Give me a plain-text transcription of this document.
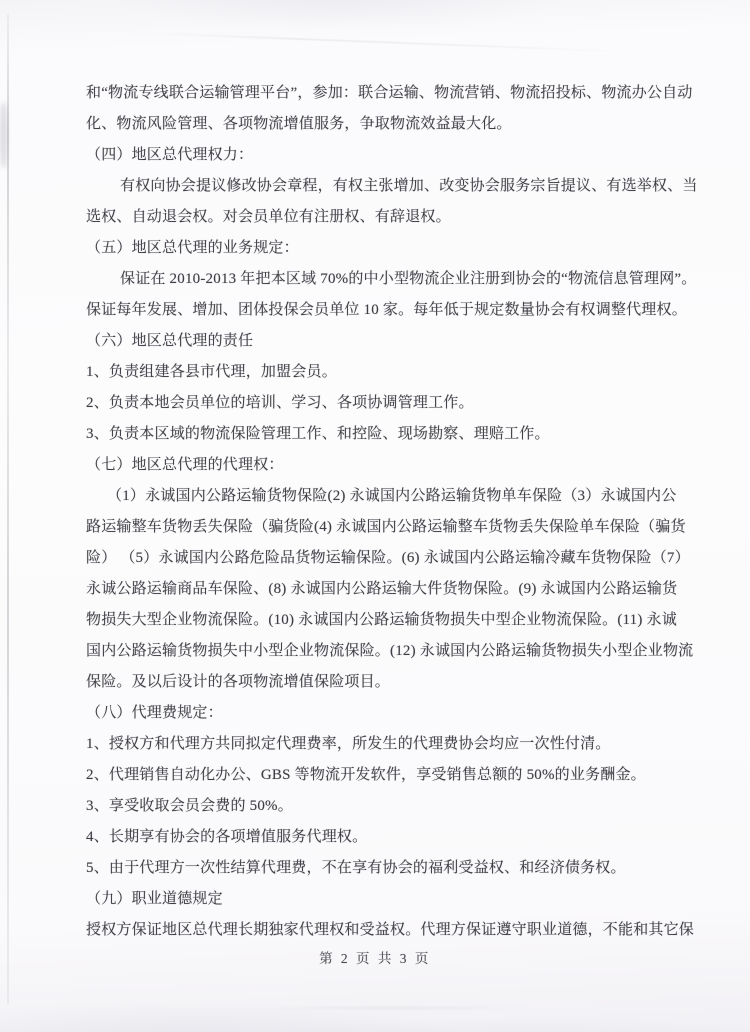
和“物流专线联合运输管理平台”，参加：联合运输、物流营销、物流招投标、物流办公自动
化、物流风险管理、各项物流增值服务，争取物流效益最大化。
（四）地区总代理权力：
有权向协会提议修改协会章程，有权主张增加、改变协会服务宗旨提议、有选举权、当
选权、自动退会权。对会员单位有注册权、有辞退权。
（五）地区总代理的业务规定：
保证在 2010-2013 年把本区域 70%的中小型物流企业注册到协会的“物流信息管理网”。
保证每年发展、增加、团体投保会员单位 10 家。每年低于规定数量协会有权调整代理权。
（六）地区总代理的责任
1、负责组建各县市代理，加盟会员。
2、负责本地会员单位的培训、学习、各项协调管理工作。
3、负责本区域的物流保险管理工作、和控险、现场勘察、理赔工作。
（七）地区总代理的代理权：
（1）永诚国内公路运输货物保险(2) 永诚国内公路运输货物单车保险（3）永诚国内公
路运输整车货物丢失保险（骗货险(4) 永诚国内公路运输整车货物丢失保险单车保险（骗货
险） （5）永诚国内公路危险品货物运输保险。(6) 永诚国内公路运输冷藏车货物保险（7）
永诚公路运输商品车保险、(8) 永诚国内公路运输大件货物保险。(9) 永诚国内公路运输货
物损失大型企业物流保险。(10) 永诚国内公路运输货物损失中型企业物流保险。(11) 永诚
国内公路运输货物损失中小型企业物流保险。(12) 永诚国内公路运输货物损失小型企业物流
保险。及以后设计的各项物流增值保险项目。
（八）代理费规定：
1、授权方和代理方共同拟定代理费率，所发生的代理费协会均应一次性付清。
2、代理销售自动化办公、GBS 等物流开发软件，享受销售总额的 50%的业务酬金。
3、享受收取会员会费的 50%。
4、长期享有协会的各项增值服务代理权。
5、由于代理方一次性结算代理费，不在享有协会的福利受益权、和经济债务权。
（九）职业道德规定
授权方保证地区总代理长期独家代理权和受益权。代理方保证遵守职业道德，不能和其它保
第 2 页 共 3 页
